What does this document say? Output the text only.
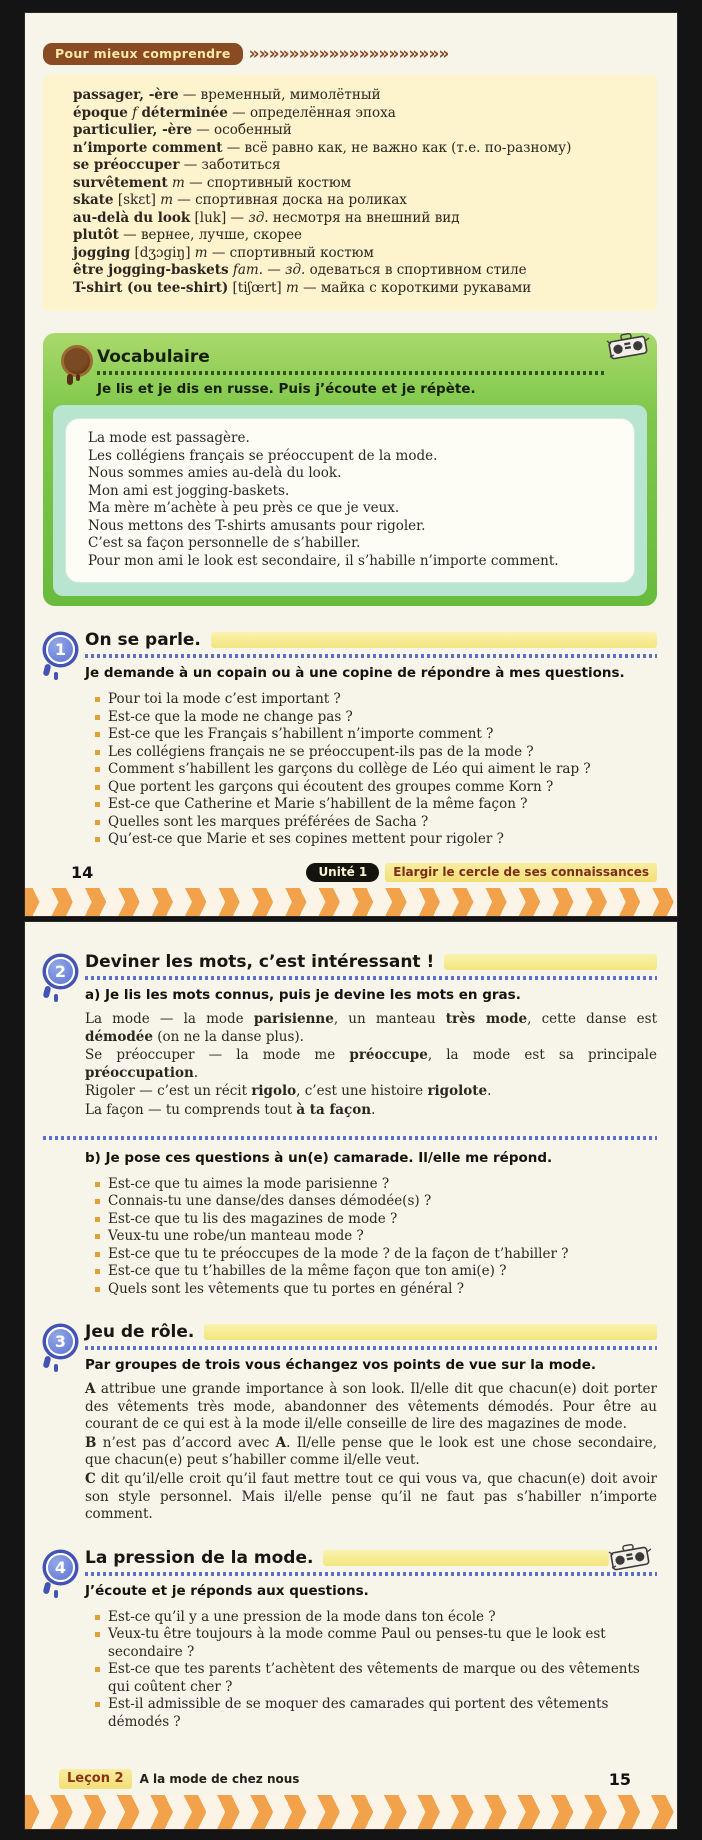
Pour mieux comprendre	»»»»»»»»»»»»»»»»»»»»
passager, -ère — временный, мимолётный
époque f déterminée — определённая эпоха
particulier, -ère — особенный
n’importe comment — всё равно как, не важно как (т.е. по-разному)
se préoccuper — заботиться
survêtement m — спортивный костюм
skate [skɛt] m — спортивная доска на роликах
au-delà du look [luk] — зд. несмотря на внешний вид
plutôt — вернее, лучше, скорее
jogging [dʒɔgiŋ] m — спортивный костюм
être jogging-baskets fam. — зд. одеваться в спортивном стиле
T-shirt (ou tee-shirt) [tiʃœrt] m — майка с короткими рукавами
Vocabulaire
Je lis et je dis en russe. Puis j’écoute et je répète.
La mode est passagère.
Les collégiens français se préoccupent de la mode.
Nous sommes amies au-delà du look.
Mon ami est jogging-baskets.
Ma mère m’achète à peu près ce que je veux.
Nous mettons des T-shirts amusants pour rigoler.
C’est sa façon personnelle de s’habiller.
Pour mon ami le look est secondaire, il s’habille n’importe comment.
1	On se parle.
Je demande à un copain ou à une copine de répondre à mes questions.
Pour toi la mode c’est important ?
Est-ce que la mode ne change pas ?
Est-ce que les Français s’habillent n’importe comment ?
Les collégiens français ne se préoccupent-ils pas de la mode ?
Comment s’habillent les garçons du collège de Léo qui aiment le rap ?
Que portent les garçons qui écoutent des groupes comme Korn ?
Est-ce que Catherine et Marie s’habillent de la même façon ?
Quelles sont les marques préférées de Sacha ?
Qu’est-ce que Marie et ses copines mettent pour rigoler ?
14	Unité 1	Elargir le cercle de ses connaissances
2	Deviner les mots, c’est intéressant !
a) Je lis les mots connus, puis je devine les mots en gras.
La mode — la mode parisienne, un manteau très mode, cette danse est démodée (on ne la danse plus).
Se préoccuper — la mode me préoccupe, la mode est sa principale préoccupation.
Rigoler — c’est un récit rigolo, c’est une histoire rigolote.
La façon — tu comprends tout à ta façon.
b) Je pose ces questions à un(e) camarade. Il/elle me répond.
Est-ce que tu aimes la mode parisienne ?
Connais-tu une danse/des danses démodée(s) ?
Est-ce que tu lis des magazines de mode ?
Veux-tu une robe/un manteau mode ?
Est-ce que tu te préoccupes de la mode ? de la façon de t’habiller ?
Est-ce que tu t’habilles de la même façon que ton ami(e) ?
Quels sont les vêtements que tu portes en général ?
3	Jeu de rôle.
Par groupes de trois vous échangez vos points de vue sur la mode.
A attribue une grande importance à son look. Il/elle dit que chacun(e) doit porter des vêtements très mode, abandonner des vêtements démodés. Pour être au courant de ce qui est à la mode il/elle conseille de lire des magazines de mode.
B n’est pas d’accord avec A. Il/elle pense que le look est une chose secondaire, que chacun(e) peut s’habiller comme il/elle veut.
C dit qu’il/elle croit qu’il faut mettre tout ce qui vous va, que chacun(e) doit avoir son style personnel. Mais il/elle pense qu’il ne faut pas s’habiller n’importe comment.
4	La pression de la mode.
J’écoute et je réponds aux questions.
Est-ce qu’il y a une pression de la mode dans ton école ?
Veux-tu être toujours à la mode comme Paul ou penses-tu que le look est secondaire ?
Est-ce que tes parents t’achètent des vêtements de marque ou des vêtements qui coûtent cher ?
Est-il admissible de se moquer des camarades qui portent des vêtements démodés ?
Leçon 2	A la mode de chez nous	15
